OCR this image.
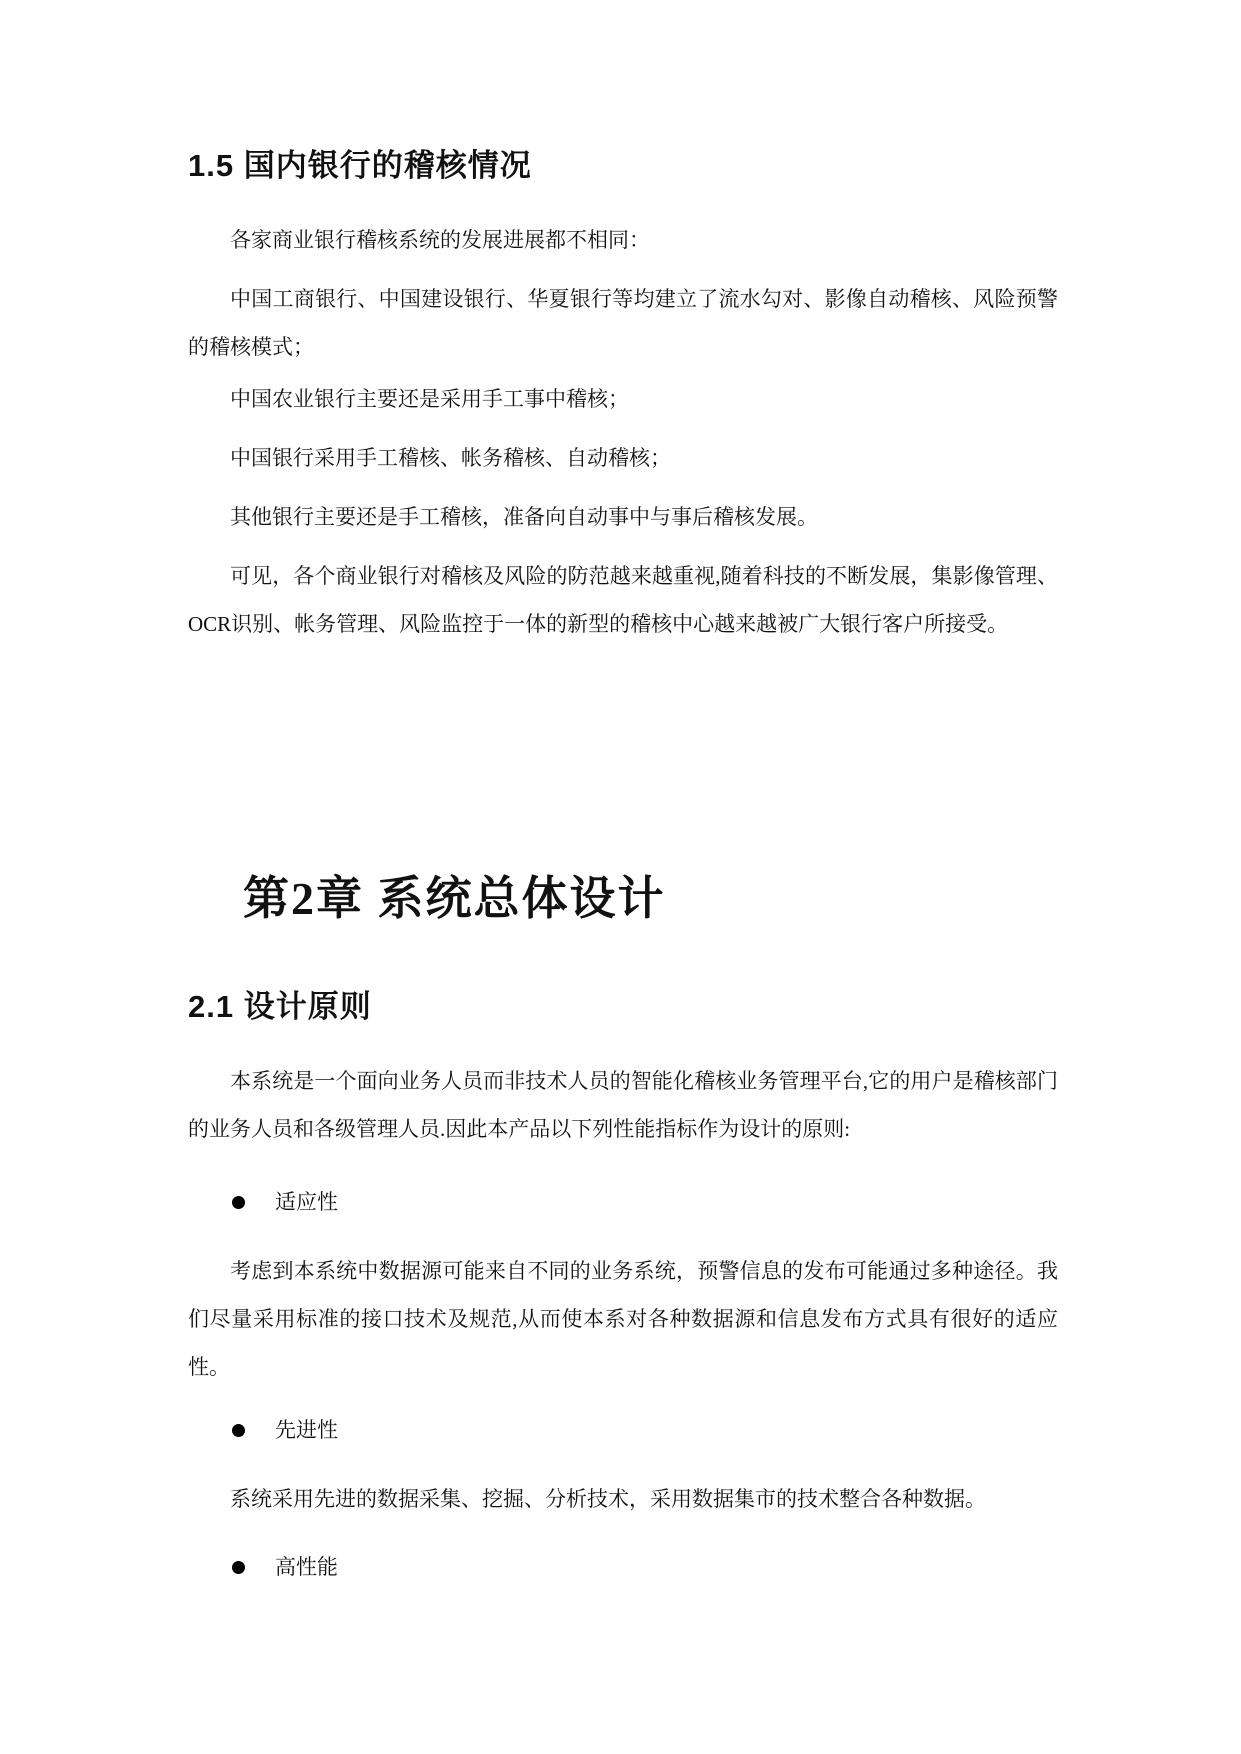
1.5 国内银行的稽核情况
各家商业银行稽核系统的发展进展都不相同：
中国工商银行、中国建设银行、华夏银行等均建立了流水勾对、影像自动稽核、风险预警的稽核模式；
中国农业银行主要还是采用手工事中稽核；
中国银行采用手工稽核、帐务稽核、自动稽核；
其他银行主要还是手工稽核，准备向自动事中与事后稽核发展。
可见，各个商业银行对稽核及风险的防范越来越重视,随着科技的不断发展，集影像管理、OCR识别、帐务管理、风险监控于一体的新型的稽核中心越来越被广大银行客户所接受。
第2章 系统总体设计
2.1 设计原则
本系统是一个面向业务人员而非技术人员的智能化稽核业务管理平台,它的用户是稽核部门的业务人员和各级管理人员.因此本产品以下列性能指标作为设计的原则:
适应性
考虑到本系统中数据源可能来自不同的业务系统，预警信息的发布可能通过多种途径。我们尽量采用标准的接口技术及规范,从而使本系对各种数据源和信息发布方式具有很好的适应性。
先进性
系统采用先进的数据采集、挖掘、分析技术，采用数据集市的技术整合各种数据。
高性能
